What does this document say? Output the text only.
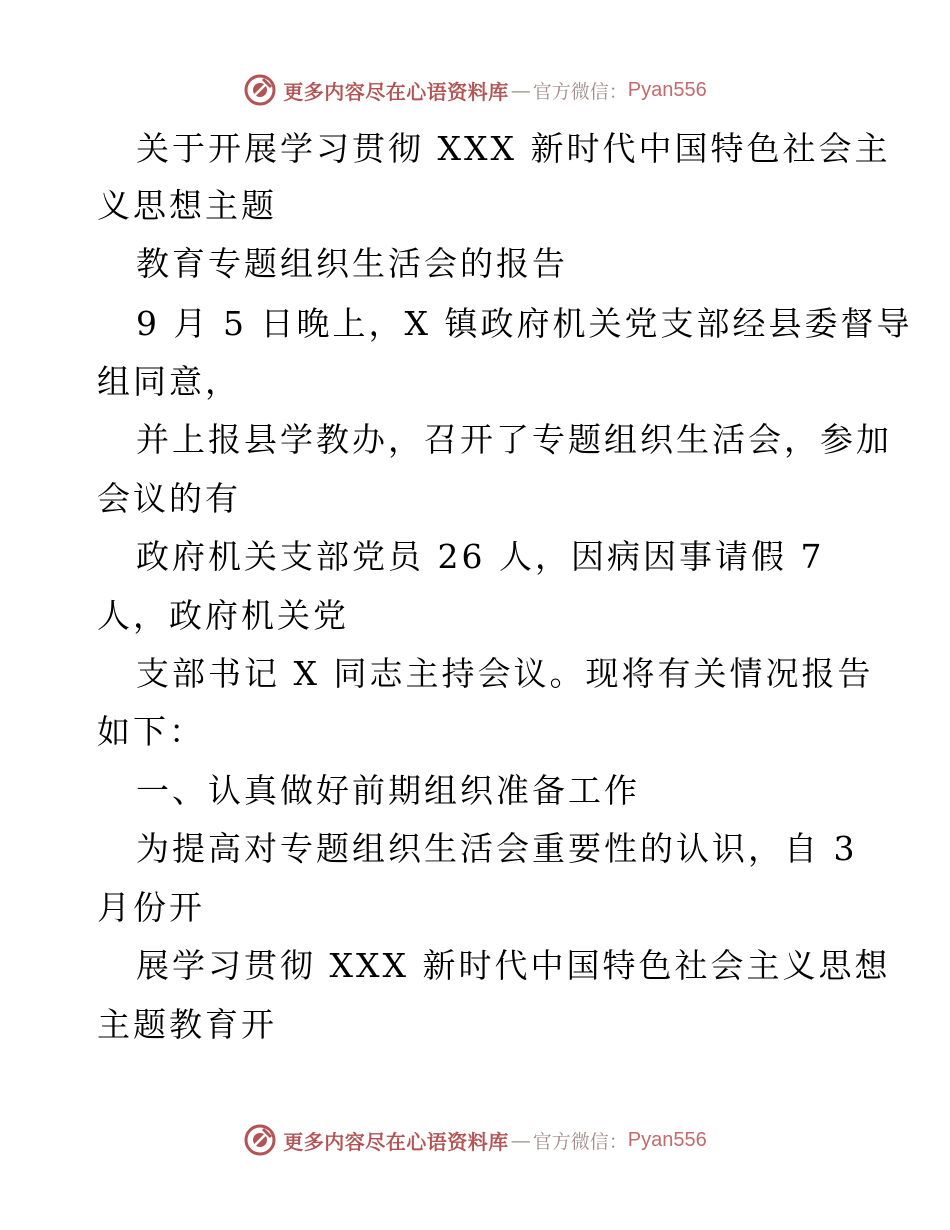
更多内容尽在心语资料库 — 官方微信： Pyan556
关于开展学习贯彻 XXX 新时代中国特色社会主
义思想主题
教育专题组织生活会的报告
9 月 5 日晚上，X 镇政府机关党支部经县委督导
组同意，
并上报县学教办，召开了专题组织生活会，参加
会议的有
政府机关支部党员 26 人，因病因事请假 7
人，政府机关党
支部书记 X 同志主持会议。现将有关情况报告
如下：
一、认真做好前期组织准备工作
为提高对专题组织生活会重要性的认识，自 3
月份开
展学习贯彻 XXX 新时代中国特色社会主义思想
主题教育开
更多内容尽在心语资料库 — 官方微信： Pyan556
